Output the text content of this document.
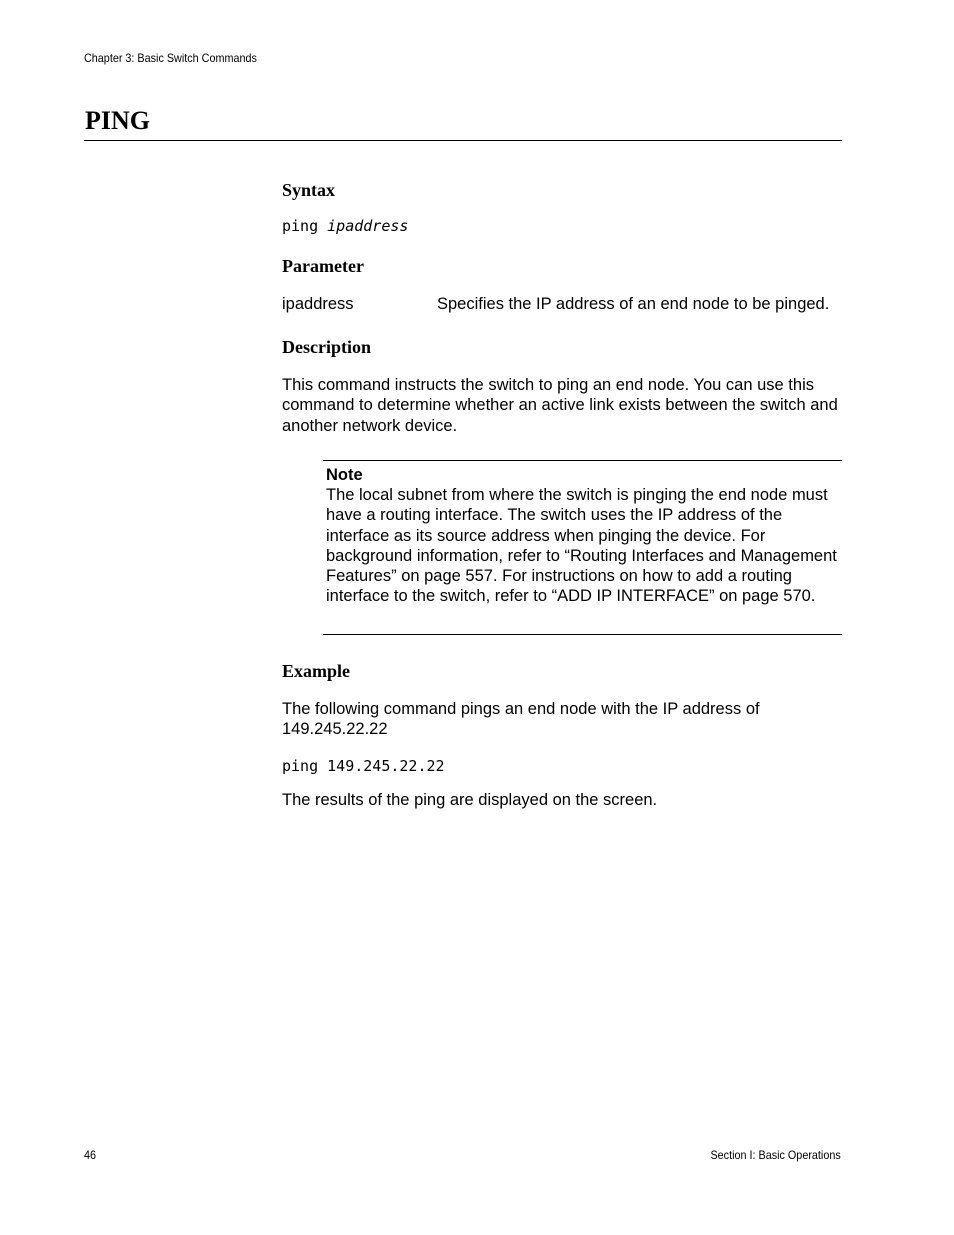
Chapter 3: Basic Switch Commands
PING
Syntax
ping ipaddress
Parameter
ipaddress	Specifies the IP address of an end node to be pinged.
Description

This command instructs the switch to ping an end node. You can use this command to determine whether an active link exists between the switch and another network device.

Note

The local subnet from where the switch is pinging the end node must have a routing interface. The switch uses the IP address of the interface as its source address when pinging the device. For background information, refer to “Routing Interfaces and Management Features” on page 557. For instructions on how to add a routing interface to the switch, refer to “ADD IP INTERFACE” on page 570.

Example

The following command pings an end node with the IP address of 149.245.22.22

ping 149.245.22.22

The results of the ping are displayed on the screen.

46	Section I: Basic Operations
